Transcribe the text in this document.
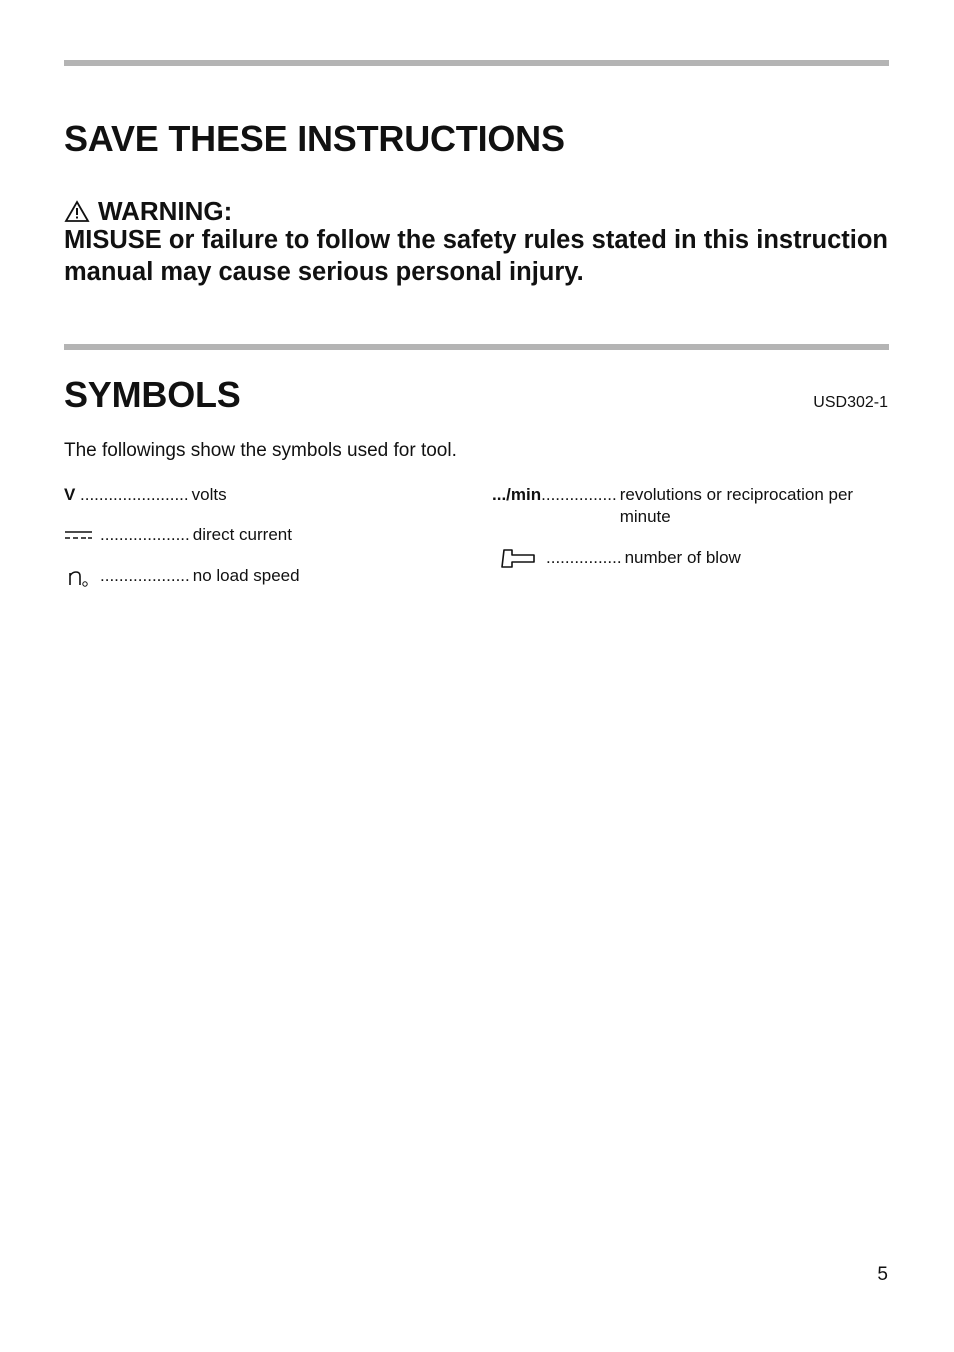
SAVE THESE INSTRUCTIONS
WARNING:
MISUSE or failure to follow the safety rules stated in this instruction manual may cause serious personal injury.
SYMBOLS	USD302-1
The followings show the symbols used for tool.
V ....................... volts
................... direct current
................... no load speed
.../min ................ revolutions or reciprocation per minute
................ number of blow
5
